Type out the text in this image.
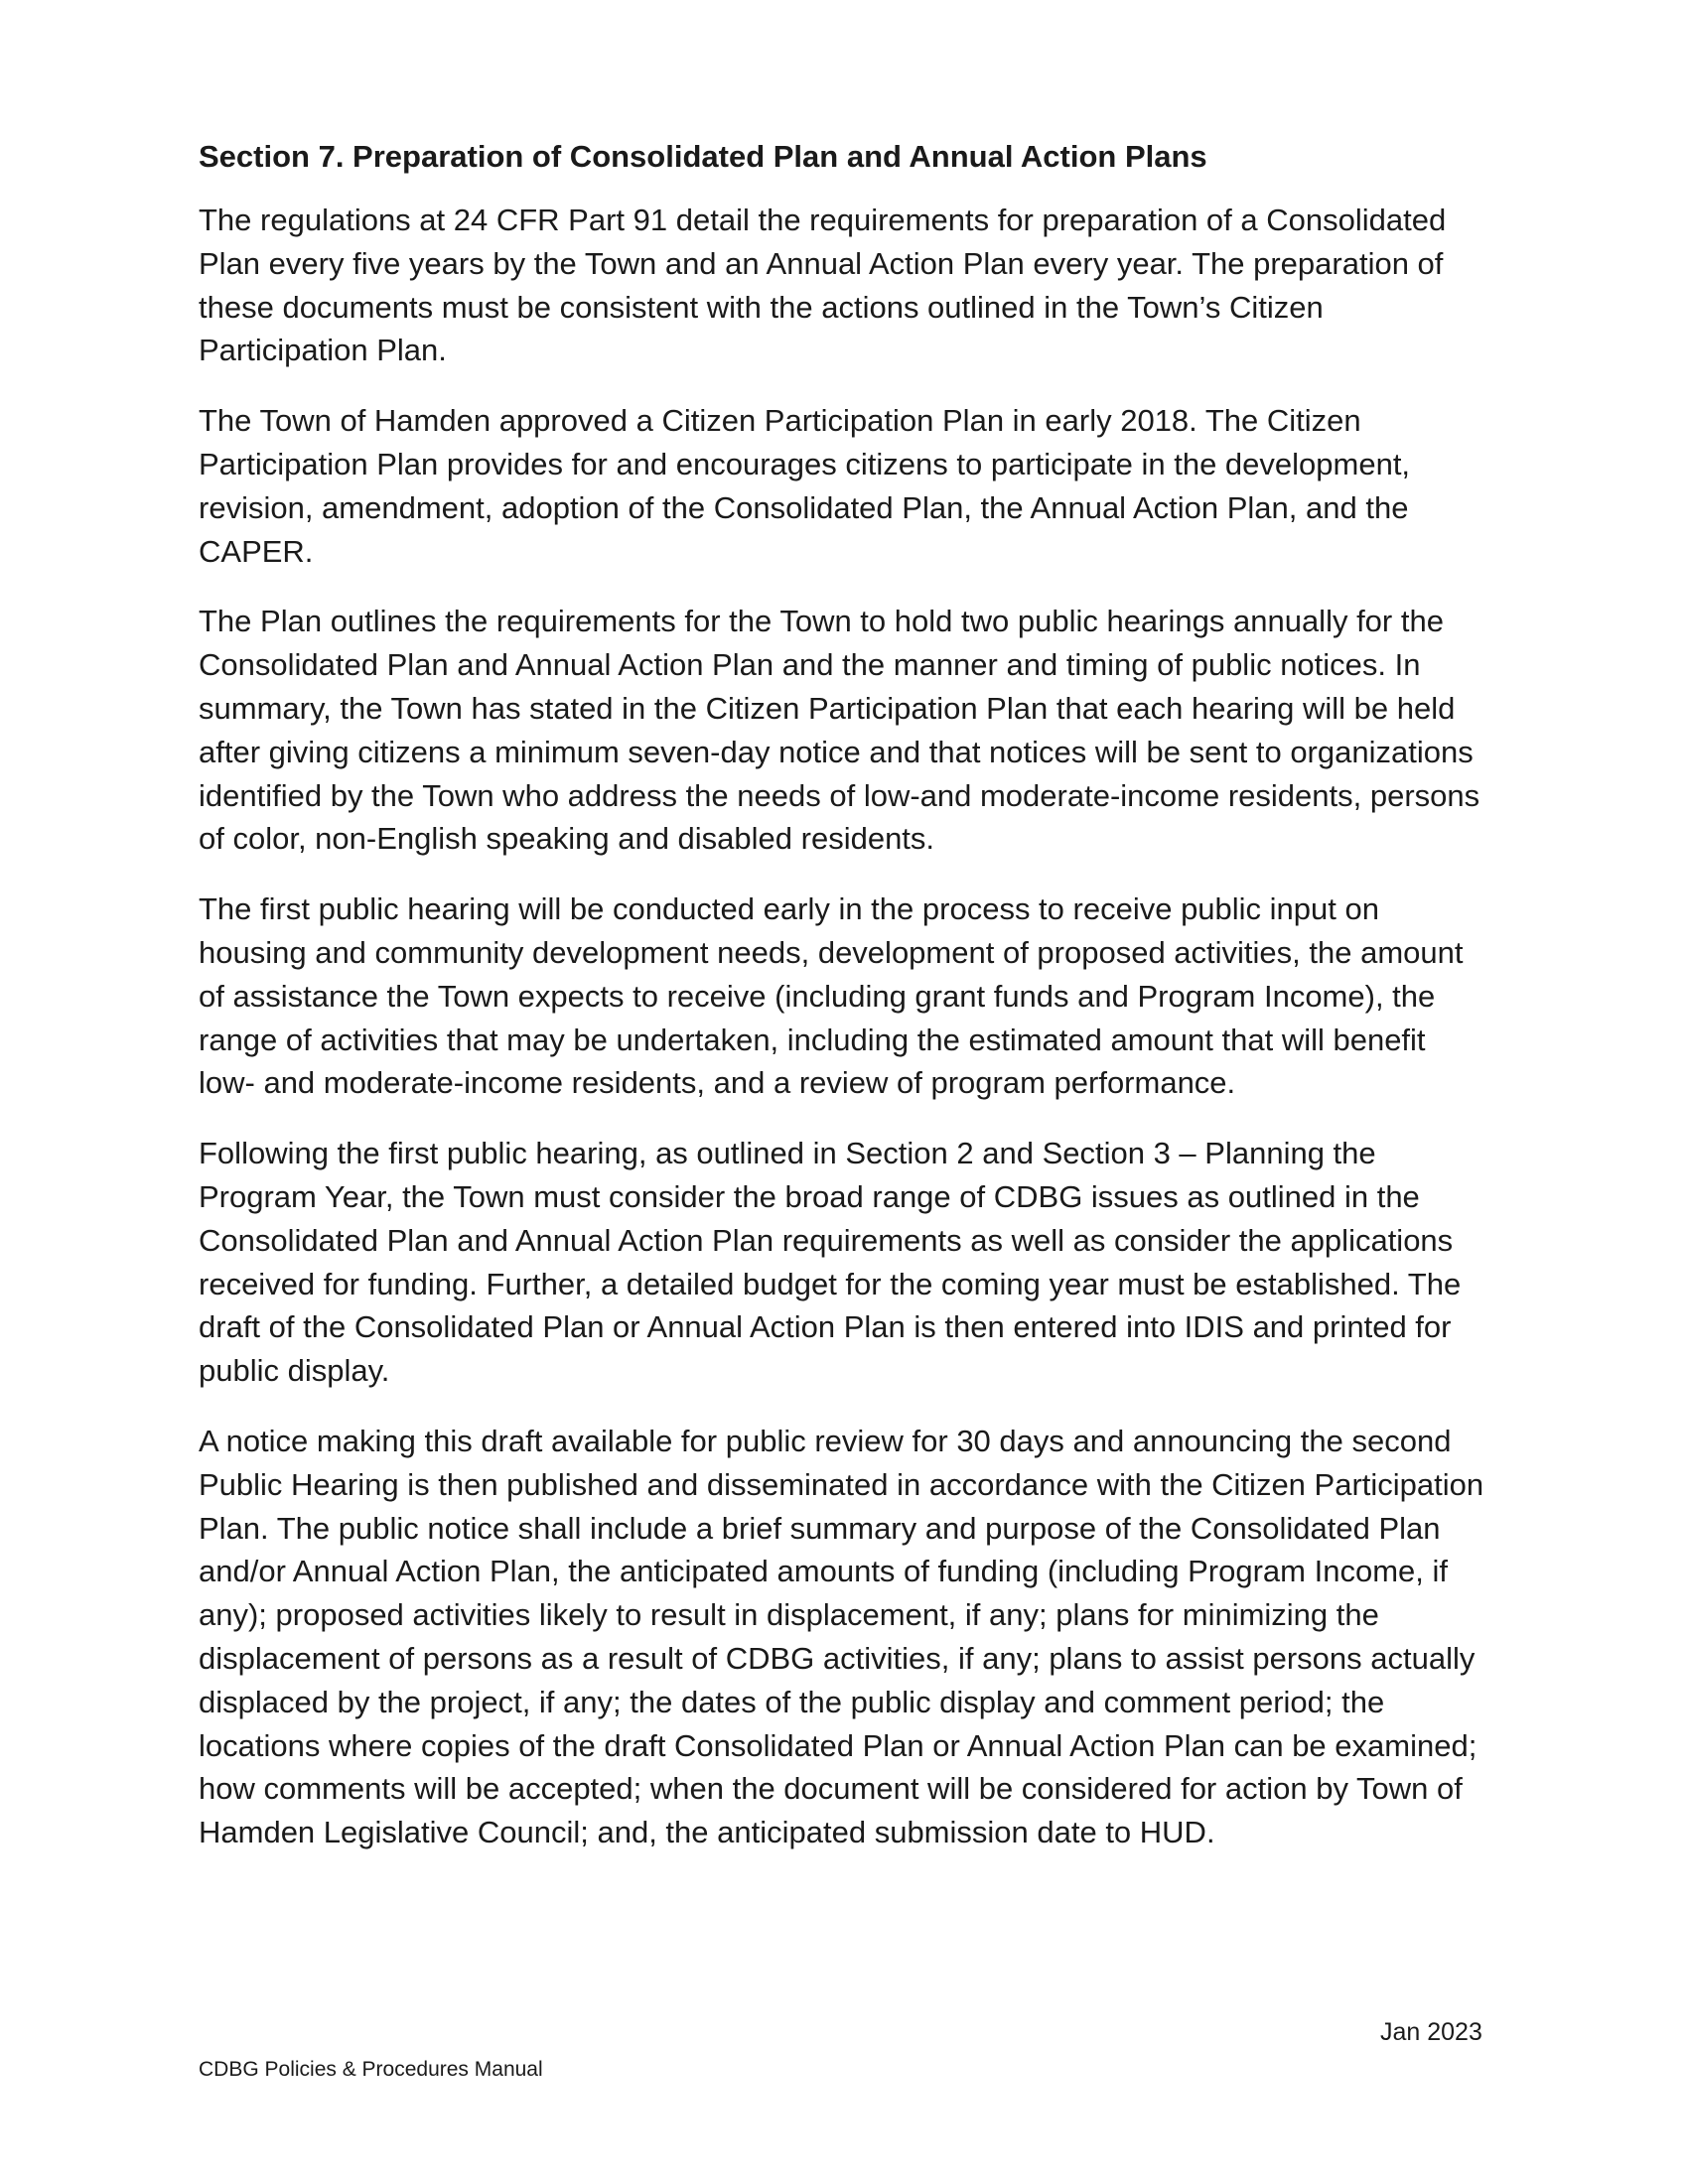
Section 7. Preparation of Consolidated Plan and Annual Action Plans

The regulations at 24 CFR Part 91 detail the requirements for preparation of a Consolidated Plan every five years by the Town and an Annual Action Plan every year. The preparation of these documents must be consistent with the actions outlined in the Town’s Citizen Participation Plan.

The Town of Hamden approved a Citizen Participation Plan in early 2018. The Citizen Participation Plan provides for and encourages citizens to participate in the development, revision, amendment, adoption of the Consolidated Plan, the Annual Action Plan, and the CAPER.

The Plan outlines the requirements for the Town to hold two public hearings annually for the Consolidated Plan and Annual Action Plan and the manner and timing of public notices. In summary, the Town has stated in the Citizen Participation Plan that each hearing will be held after giving citizens a minimum seven-day notice and that notices will be sent to organizations identified by the Town who address the needs of low-and moderate-income residents, persons of color, non-English speaking and disabled residents.

The first public hearing will be conducted early in the process to receive public input on housing and community development needs, development of proposed activities, the amount of assistance the Town expects to receive (including grant funds and Program Income), the range of activities that may be undertaken, including the estimated amount that will benefit low- and moderate-income residents, and a review of program performance.

Following the first public hearing, as outlined in Section 2 and Section 3 – Planning the Program Year, the Town must consider the broad range of CDBG issues as outlined in the Consolidated Plan and Annual Action Plan requirements as well as consider the applications received for funding. Further, a detailed budget for the coming year must be established. The draft of the Consolidated Plan or Annual Action Plan is then entered into IDIS and printed for public display.

A notice making this draft available for public review for 30 days and announcing the second Public Hearing is then published and disseminated in accordance with the Citizen Participation Plan. The public notice shall include a brief summary and purpose of the Consolidated Plan and/or Annual Action Plan, the anticipated amounts of funding (including Program Income, if any); proposed activities likely to result in displacement, if any; plans for minimizing the displacement of persons as a result of CDBG activities, if any; plans to assist persons actually displaced by the project, if any; the dates of the public display and comment period; the locations where copies of the draft Consolidated Plan or Annual Action Plan can be examined; how comments will be accepted; when the document will be considered for action by Town of Hamden Legislative Council; and, the anticipated submission date to HUD.

Jan 2023
CDBG Policies & Procedures Manual
